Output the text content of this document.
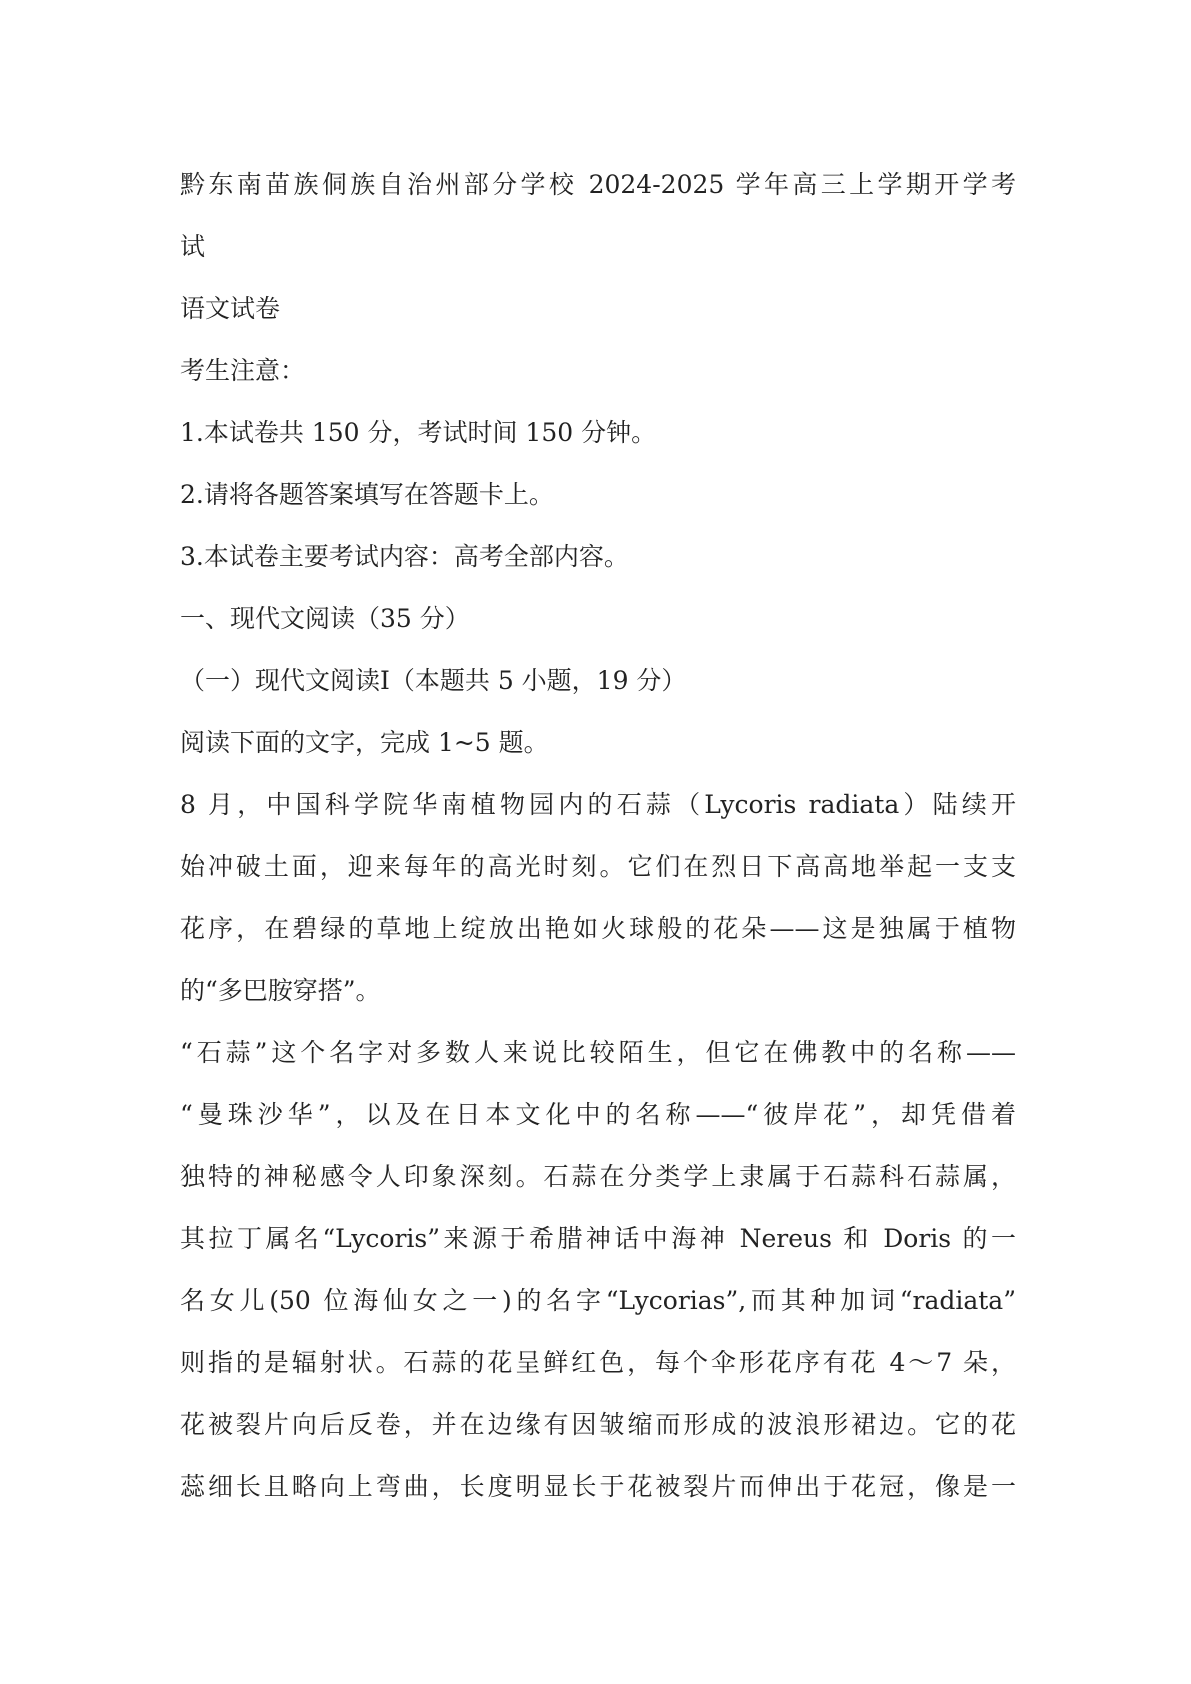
黔东南苗族侗族自治州部分学校 2024-2025 学年高三上学期开学考

试

语文试卷

考生注意：

1.本试卷共 150 分，考试时间 150 分钟。

2.请将各题答案填写在答题卡上。

3.本试卷主要考试内容：高考全部内容。

一、现代文阅读（35 分）

（一）现代文阅读Ⅰ（本题共 5 小题，19 分）

阅读下面的文字，完成 1~5 题。

8 月，中国科学院华南植物园内的石蒜（Lycoris radiata）陆续开

始冲破土面，迎来每年的高光时刻。它们在烈日下高高地举起一支支

花序，在碧绿的草地上绽放出艳如火球般的花朵——这是独属于植物

的“多巴胺穿搭”。

“石蒜”这个名字对多数人来说比较陌生，但它在佛教中的名称——

“曼珠沙华”，以及在日本文化中的名称——“彼岸花”，却凭借着

独特的神秘感令人印象深刻。石蒜在分类学上隶属于石蒜科石蒜属，

其拉丁属名“Lycoris”来源于希腊神话中海神 Nereus 和 Doris 的一

名女儿(50 位海仙女之一)的名字“Lycorias”,而其种加词“radiata”

则指的是辐射状。石蒜的花呈鲜红色，每个伞形花序有花 4～7 朵，

花被裂片向后反卷，并在边缘有因皱缩而形成的波浪形裙边。它的花

蕊细长且略向上弯曲，长度明显长于花被裂片而伸出于花冠，像是一
